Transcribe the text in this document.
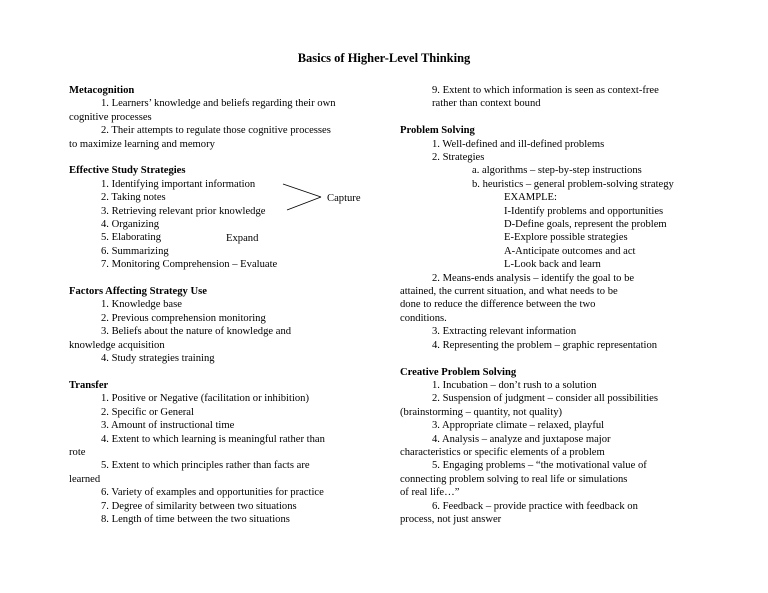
Basics of Higher-Level Thinking
Metacognition
1. Learners’ knowledge and beliefs regarding their own
cognitive processes
2. Their attempts to regulate those cognitive processes
to maximize learning and memory
Effective Study Strategies
1. Identifying important information
2. Taking notes
3. Retrieving relevant prior knowledge
4. Organizing
5. Elaborating
6. Summarizing
7. Monitoring Comprehension – Evaluate
Capture
Expand
Factors Affecting Strategy Use
1. Knowledge base
2. Previous comprehension monitoring
3. Beliefs about the nature of knowledge and
knowledge acquisition
4. Study strategies training
Transfer
1. Positive or Negative (facilitation or inhibition)
2. Specific or General
3. Amount of instructional time
4. Extent to which learning is meaningful rather than
rote
5. Extent to which principles rather than facts are
learned
6. Variety of examples and opportunities for practice
7. Degree of similarity between two situations
8. Length of time between the two situations
9. Extent to which information is seen as context-free
rather than context bound
Problem Solving
1. Well-defined and ill-defined problems
2. Strategies
a. algorithms – step-by-step instructions
b. heuristics – general problem-solving strategy
EXAMPLE:
I-Identify problems and opportunities
D-Define goals, represent the problem
E-Explore possible strategies
A-Anticipate outcomes and act
L-Look back and learn
2. Means-ends analysis – identify the goal to be
attained, the current situation, and what needs to be
done to reduce the difference between the two
conditions.
3. Extracting relevant information
4. Representing the problem – graphic representation
Creative Problem Solving
1. Incubation – don’t rush to a solution
2. Suspension of judgment – consider all possibilities
(brainstorming – quantity, not quality)
3. Appropriate climate – relaxed, playful
4. Analysis – analyze and juxtapose major
characteristics or specific elements of a problem
5. Engaging problems – “the motivational value of
connecting problem solving to real life or simulations
of real life…”
6. Feedback – provide practice with feedback on
process, not just answer
